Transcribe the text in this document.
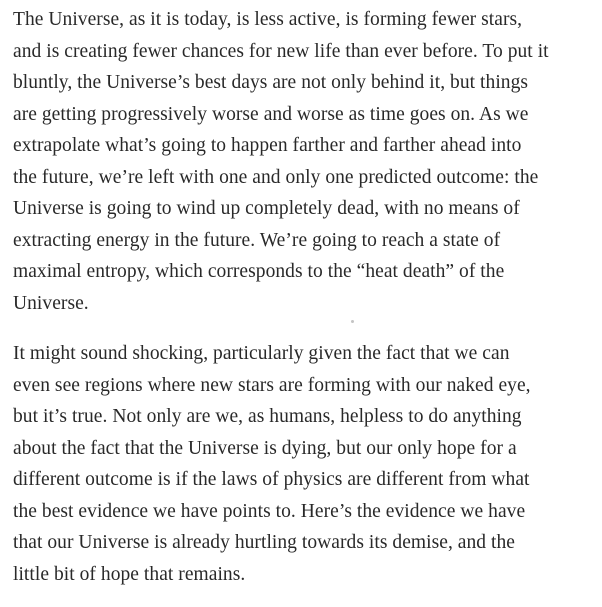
The Universe, as it is today, is less active, is forming fewer stars,
and is creating fewer chances for new life than ever before. To put it
bluntly, the Universe’s best days are not only behind it, but things
are getting progressively worse and worse as time goes on. As we
extrapolate what’s going to happen farther and farther ahead into
the future, we’re left with one and only one predicted outcome: the
Universe is going to wind up completely dead, with no means of
extracting energy in the future. We’re going to reach a state of
maximal entropy, which corresponds to the “heat death” of the
Universe.

It might sound shocking, particularly given the fact that we can
even see regions where new stars are forming with our naked eye,
but it’s true. Not only are we, as humans, helpless to do anything
about the fact that the Universe is dying, but our only hope for a
different outcome is if the laws of physics are different from what
the best evidence we have points to. Here’s the evidence we have
that our Universe is already hurtling towards its demise, and the
little bit of hope that remains.
